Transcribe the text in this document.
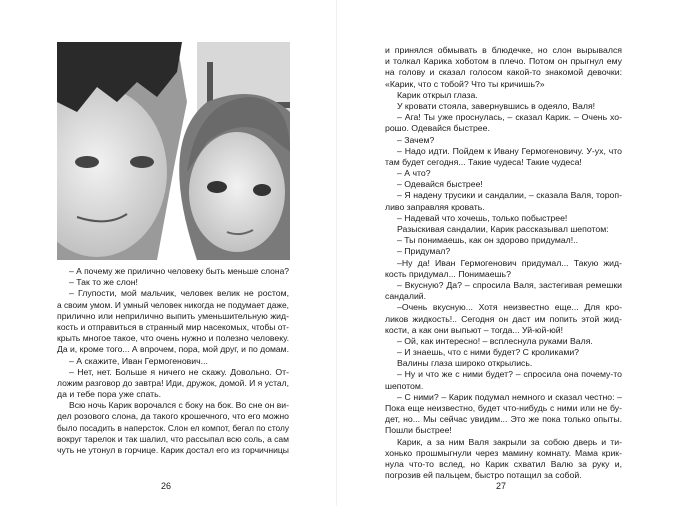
– А почему же прилично человеку быть меньше слона?
– Так то же слон!
– Глупости, мой мальчик, человек велик не ростом,
а своим умом. И умный человек никогда не подумает даже,
прилично или неприлично выпить уменьшительную жид-
кость и отправиться в странный мир насекомых, чтобы от-
крыть многое такое, что очень нужно и полезно человеку.
Да и, кроме того... А впрочем, пора, мой друг, и по домам.
– А скажите, Иван Гермогенович...
– Нет, нет. Больше я ничего не скажу. Довольно. От-
ложим разговор до завтра! Иди, дружок, домой. И я устал,
да и тебе пора уже спать.
Всю ночь Карик ворочался с боку на бок. Во сне он ви-
дел розового слона, да такого крошечного, что его можно
было посадить в наперсток. Слон ел компот, бегал по столу
вокруг тарелок и так шалил, что рассыпал всю соль, а сам
чуть не утонул в горчице. Карик достал его из горчичницы
26
и принялся обмывать в блюдечке, но слон вырывался
и толкал Карика хоботом в плечо. Потом он прыгнул ему
на голову и сказал голосом какой-то знакомой девочки:
«Карик, что с тобой? Что ты кричишь?»
Карик открыл глаза.
У кровати стояла, завернувшись в одеяло, Валя!
– Ага! Ты уже проснулась, – сказал Карик. – Очень хо-
рошо. Одевайся быстрее.
– Зачем?
– Надо идти. Пойдем к Ивану Гермогеновичу. У-ух, что
там будет сегодня... Такие чудеса! Такие чудеса!
– А что?
– Одевайся быстрее!
– Я надену трусики и сандалии, – сказала Валя, тороп-
ливо заправляя кровать.
– Надевай что хочешь, только побыстрее!
Разыскивая сандалии, Карик рассказывал шепотом:
– Ты понимаешь, как он здорово придумал!..
– Придумал?
–Ну да! Иван Гермогенович придумал... Такую жид-
кость придумал... Понимаешь?
– Вкусную? Да? – спросила Валя, застегивая ремешки
сандалий.
–Очень вкусную... Хотя неизвестно еще... Для кро-
ликов жидкость!.. Сегодня он даст им попить этой жид-
кости, а как они выпьют – тогда... Уй-юй-юй!
– Ой, как интересно! – всплеснула руками Валя.
– И знаешь, что с ними будет? С кроликами?
Валины глаза широко открылись.
– Ну и что же с ними будет? – спросила она почему-то
шепотом.
– С ними? – Карик подумал немного и сказал честно: –
Пока еще неизвестно, будет что-нибудь с ними или не бу-
дет, но... Мы сейчас увидим... Это же пока только опыты.
Пошли быстрее!
Карик, а за ним Валя закрыли за собою дверь и ти-
хонько прошмыгнули через мамину комнату. Мама крик-
нула что-то вслед, но Карик схватил Валю за руку и,
погрозив ей пальцем, быстро потащил за собой.
27
